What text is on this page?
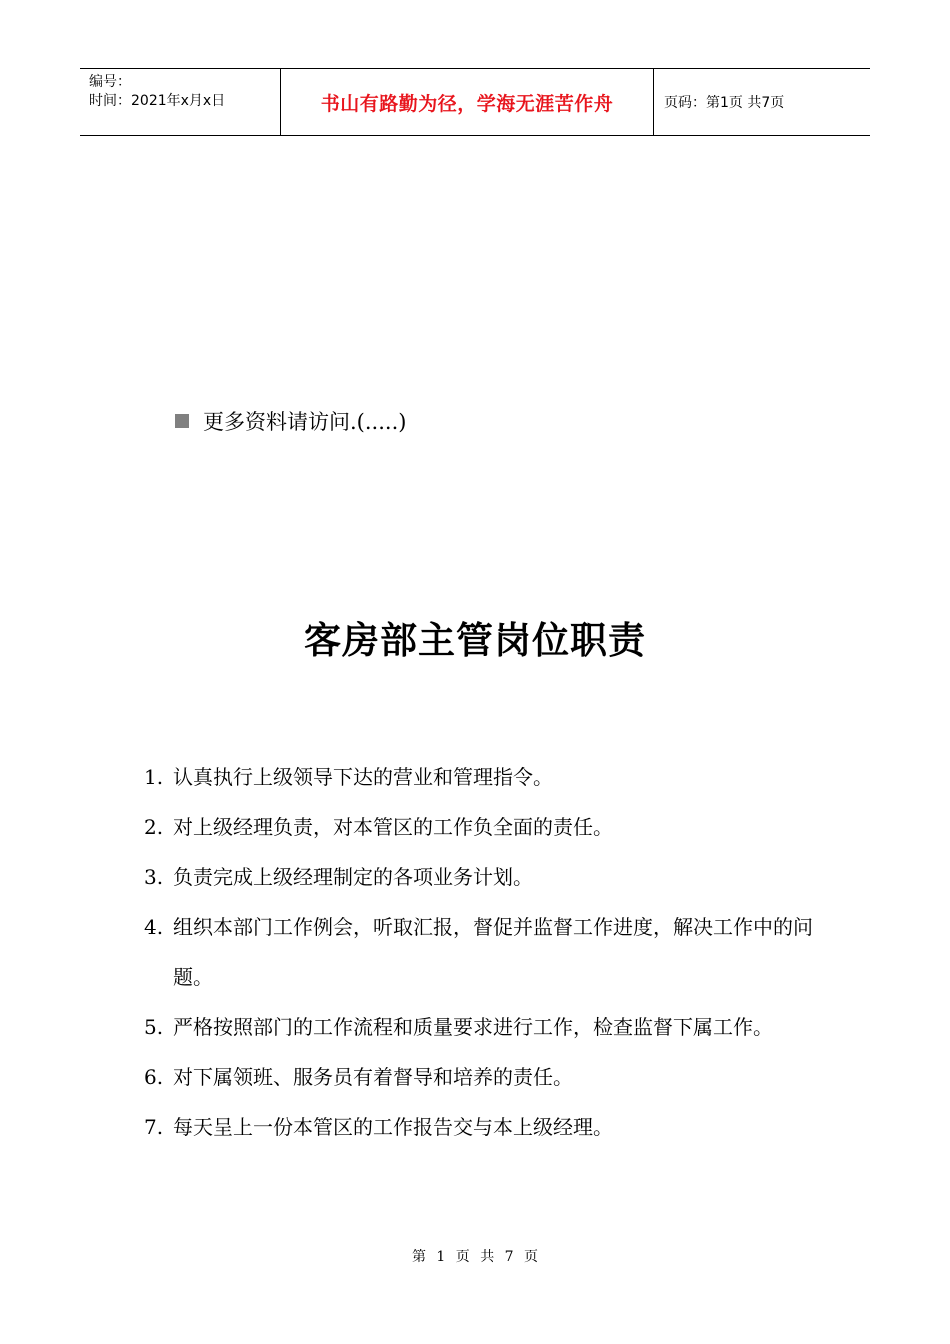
编号：
时间：2021年x月x日	书山有路勤为径，学海无涯苦作舟	页码：第1页 共7页
更多资料请访问.(.....)
客房部主管岗位职责
1. 认真执行上级领导下达的营业和管理指令。
2. 对上级经理负责，对本管区的工作负全面的责任。
3. 负责完成上级经理制定的各项业务计划。
4. 组织本部门工作例会，听取汇报，督促并监督工作进度，解决工作中的问题。
5. 严格按照部门的工作流程和质量要求进行工作，检查监督下属工作。
6. 对下属领班、服务员有着督导和培养的责任。
7. 每天呈上一份本管区的工作报告交与本上级经理。
第 1 页 共 7 页
